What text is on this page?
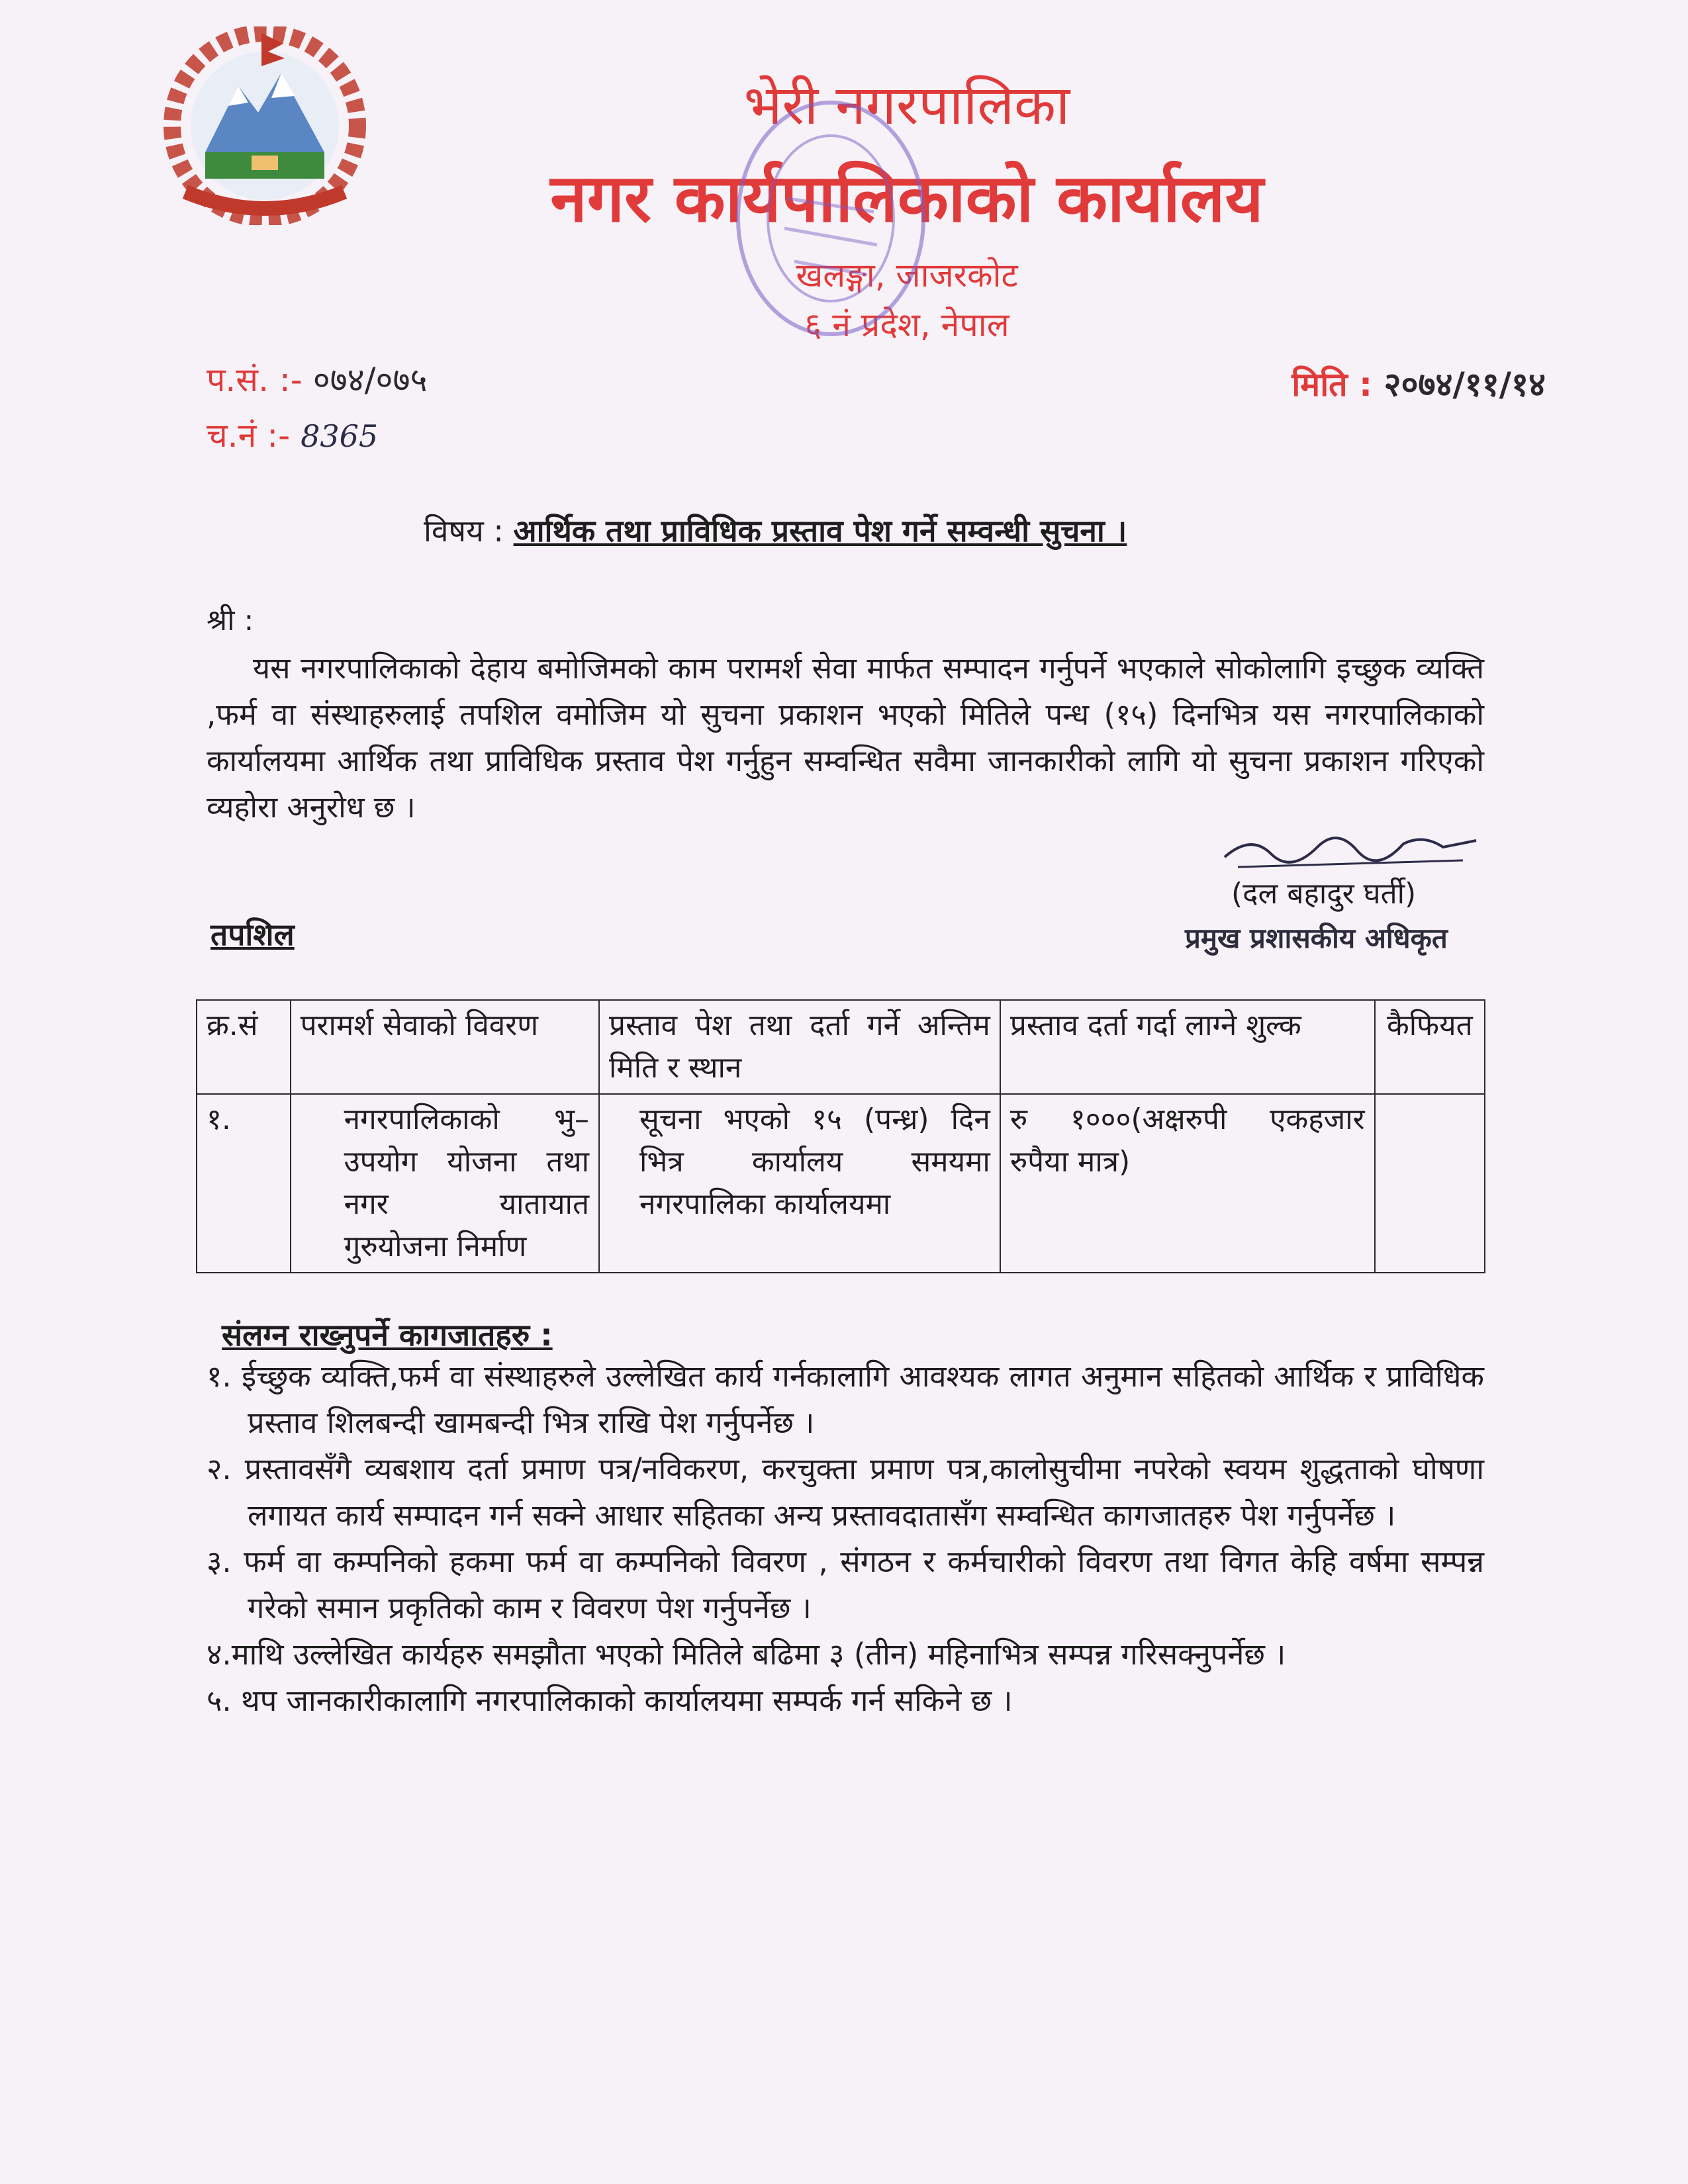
भेरी नगरपालिका
नगर कार्यपालिकाको कार्यालय
खलङ्गा, जाजरकोट
६ नं प्रदेश, नेपाल
प.सं. :- ०७४/०७५
च.नं :- 8365
मिति : २०७४/११/१४
विषय : आर्थिक तथा प्राविधिक प्रस्ताव पेश गर्ने सम्वन्धी सुचना ।
श्री :

यस नगरपालिकाको देहाय बमोजिमको काम परामर्श सेवा मार्फत सम्पादन गर्नुपर्ने भएकाले सोकोलागि इच्छुक व्यक्ति ,फर्म वा संस्थाहरुलाई तपशिल वमोजिम यो सुचना प्रकाशन भएको मितिले पन्ध (१५) दिनभित्र यस नगरपालिकाको कार्यालयमा आर्थिक तथा प्राविधिक प्रस्ताव पेश गर्नुहुन सम्वन्धित सवैमा जानकारीको लागि यो सुचना प्रकाशन गरिएको व्यहोरा अनुरोध छ ।

(दल बहादुर घर्ती)
प्रमुख प्रशासकीय अधिकृत
तपशिल
क्र.सं	परामर्श सेवाको विवरण	प्रस्ताव पेश तथा दर्ता गर्ने अन्तिम मिति र स्थान	प्रस्ताव दर्ता गर्दा लाग्ने शुल्क	कैफियत
१.	नगरपालिकाको भु– उपयोग योजना तथा नगर यातायात गुरुयोजना निर्माण	सूचना भएको १५ (पन्ध्र) दिन भित्र कार्यालय समयमा नगरपालिका कार्यालयमा	रु १०००(अक्षरुपी एकहजार रुपैया मात्र)	
संलग्न राख्नुपर्ने कागजातहरु :
१. ईच्छुक व्यक्ति,फर्म वा संस्थाहरुले उल्लेखित कार्य गर्नकालागि आवश्यक लागत अनुमान सहितको आर्थिक र प्राविधिक प्रस्ताव शिलबन्दी खामबन्दी भित्र राखि पेश गर्नुपर्नेछ ।
२. प्रस्तावसँगै व्यबशाय दर्ता प्रमाण पत्र/नविकरण, करचुक्ता प्रमाण पत्र,कालोसुचीमा नपरेको स्वयम शुद्धताको घोषणा लगायत कार्य सम्पादन गर्न सक्ने आधार सहितका अन्य प्रस्तावदातासँग सम्वन्धित कागजातहरु पेश गर्नुपर्नेछ ।
३. फर्म वा कम्पनिको हकमा फर्म वा कम्पनिको विवरण , संगठन र कर्मचारीको विवरण तथा विगत केहि वर्षमा सम्पन्न गरेको समान प्रकृतिको काम र विवरण पेश गर्नुपर्नेछ ।
४.माथि उल्लेखित कार्यहरु समझौता भएको मितिले बढिमा ३ (तीन) महिनाभित्र सम्पन्न गरिसक्नुपर्नेछ ।
५. थप जानकारीकालागि नगरपालिकाको कार्यालयमा सम्पर्क गर्न सकिने छ ।
